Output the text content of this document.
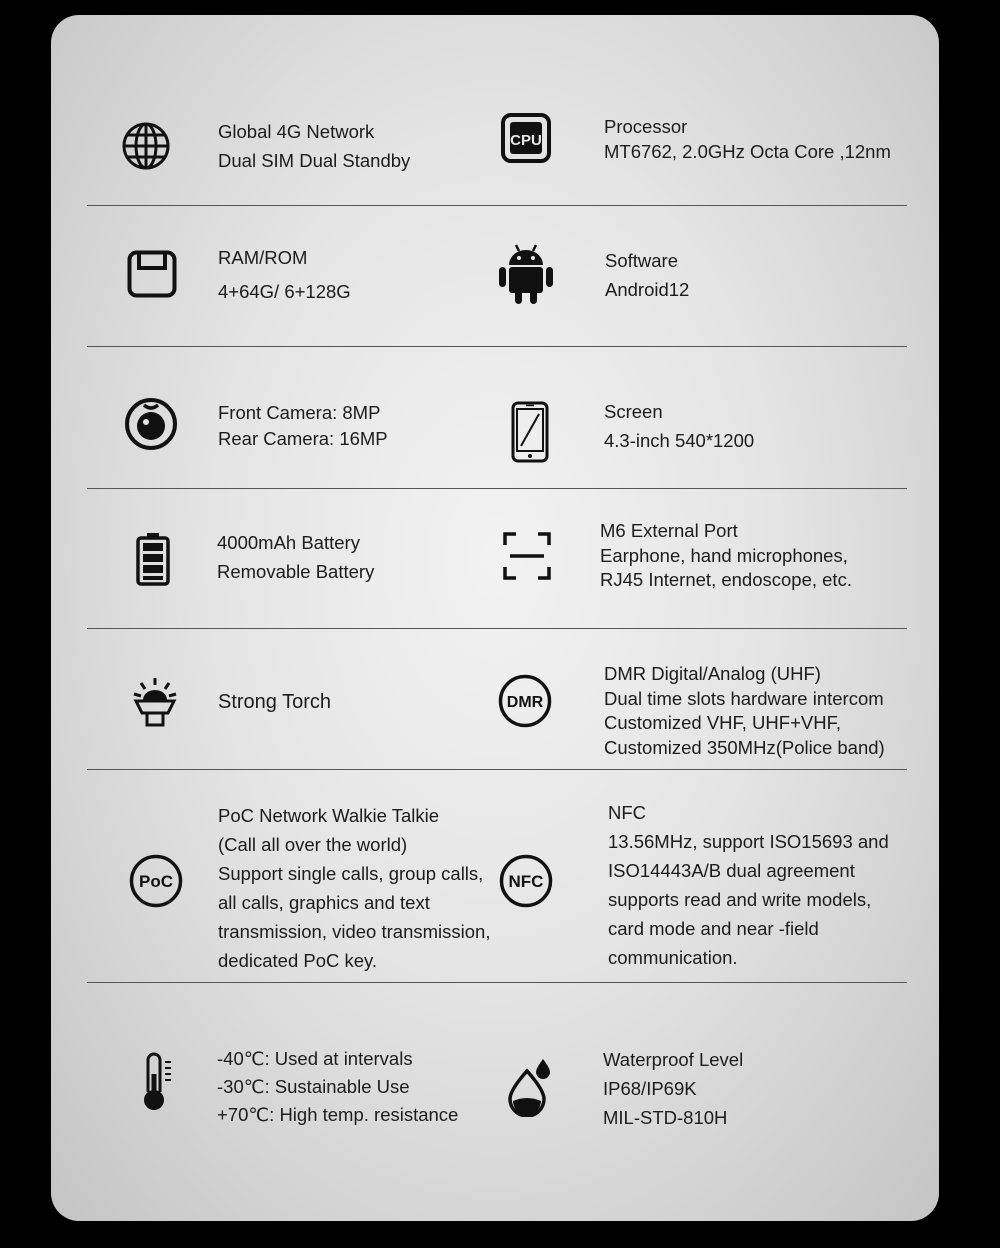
Global 4G Network
Dual SIM Dual Standby
CPU
Processor
MT6762, 2.0GHz Octa Core ,12nm
RAM/ROM
4+64G/ 6+128G
Software
Android12
Front Camera: 8MP
Rear Camera: 16MP
Screen
4.3-inch 540*1200
4000mAh Battery
Removable Battery
M6 External Port
Earphone, hand microphones,
RJ45 Internet, endoscope, etc.
Strong Torch	DMR
DMR Digital/Analog (UHF)
Dual time slots hardware intercom
Customized VHF, UHF+VHF,
Customized 350MHz(Police band)
PoC
PoC Network Walkie Talkie
(Call all over the world)
Support single calls, group calls,
all calls, graphics and text
transmission, video transmission,
dedicated PoC key.
NFC
NFC
13.56MHz, support ISO15693 and
ISO14443A/B dual agreement
supports read and write models,
card mode and near -field
communication.
-40℃: Used at intervals
-30℃: Sustainable Use
+70℃: High temp. resistance
Waterproof Level
IP68/IP69K
MIL-STD-810H
